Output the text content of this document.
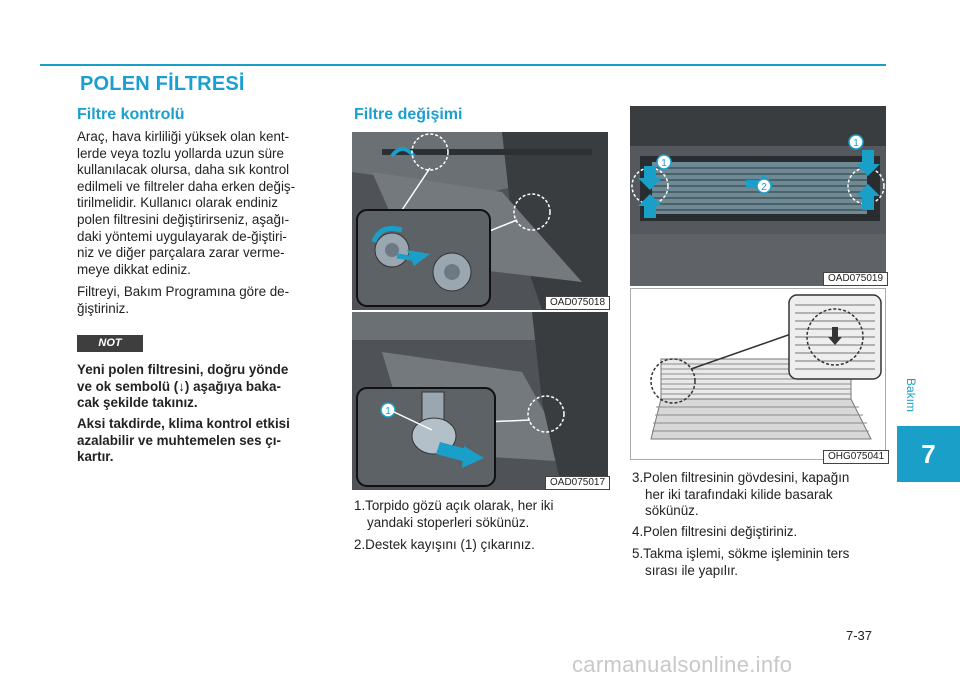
POLEN FİLTRESİ
Filtre kontrolü
Araç, hava kirliliği yüksek olan kent-
lerde veya tozlu yollarda uzun süre
kullanılacak olursa, daha sık kontrol
edilmeli ve filtreler daha erken değiş-
tirilmelidir. Kullanıcı olarak endiniz
polen filtresini değiştirirseniz, aşağı-
daki yöntemi uygulayarak de-ğiştiri-
niz ve diğer parçalara zarar verme-
meye dikkat ediniz.
Filtreyi, Bakım Programına göre de-
ğiştiriniz.
NOT
Yeni polen filtresini, doğru yönde
ve ok sembolü (↓) aşağıya baka-
cak şekilde takınız.
Aksi takdirde, klima kontrol etkisi
azalabilir ve muhtemelen ses çı-
kartır.
Filtre değişimi
OAD075018
1
OAD075017
1.Torpido gözü açık olarak, her iki
yandaki stoperleri sökünüz.
2.Destek kayışını (1) çıkarınız.
1
1
2
OAD075019
OHG075041
3.Polen filtresinin gövdesini, kapağın
her iki tarafındaki kilide basarak
sökünüz.
4.Polen filtresini değiştiriniz.
5.Takma işlemi, sökme işleminin ters
sırası ile yapılır.
Bakım
7
7-37
carmanualsonline.info
